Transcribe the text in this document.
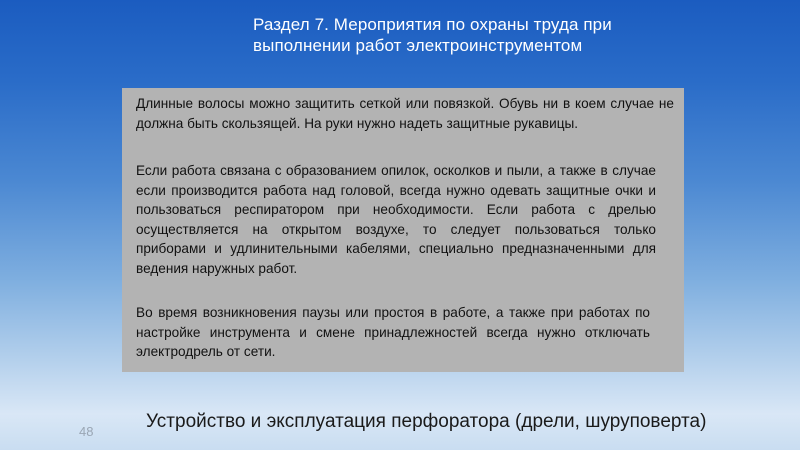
Раздел 7. Мероприятия по охраны труда при
выполнении работ электроинструментом

Длинные волосы можно защитить сеткой или повязкой. Обувь ни в коем случае не должна быть скользящей. На руки нужно надеть защитные рукавицы.

Если работа связана с образованием опилок, осколков и пыли, а также в случае если производится работа над головой, всегда нужно одевать защитные очки и пользоваться респиратором при необходимости. Если работа с дрелью осуществляется на открытом воздухе, то следует пользоваться только приборами и удлинительными кабелями, специально предназначенными для ведения наружных работ.

Во время возникновения паузы или простоя в работе, а также при работах по настройке инструмента и смене принадлежностей всегда нужно отключать электродрель от сети.

48	Устройство и эксплуатация перфоратора (дрели, шуруповерта)
